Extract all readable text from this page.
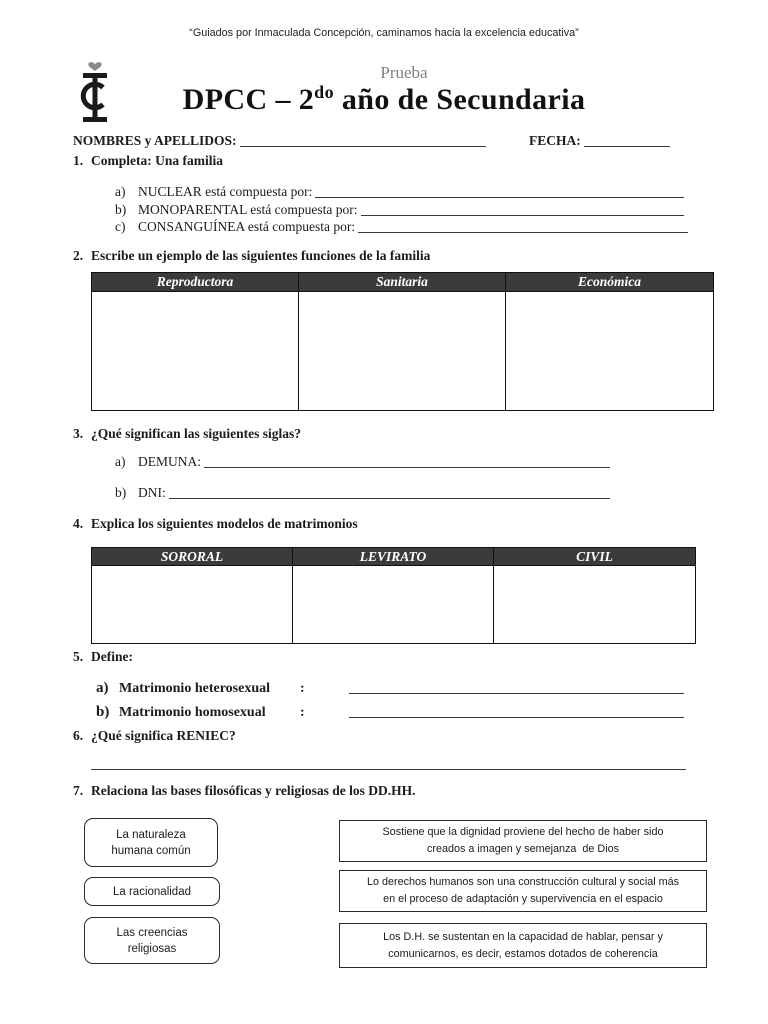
“Guiados por Inmaculada Concepción, caminamos hacia la excelencia educativa”
Prueba
DPCC – $2^{do}$ año de Secundaria
NOMBRES y APELLIDOS:	FECHA:
1. Completa: Una familia
a) NUCLEAR está compuesta por:
b) MONOPARENTAL está compuesta por:
c) CONSANGUÍNEA está compuesta por:
2. Escribe un ejemplo de las siguientes funciones de la familia
Reproductora	Sanitaria	Económica
3. ¿Qué significan las siguientes siglas?
a) DEMUNA:
b) DNI:
4. Explica los siguientes modelos de matrimonios
SORORAL	LEVIRATO	CIVIL
5. Define:
a) Matrimonio heterosexual	:
b) Matrimonio homosexual	:
6. ¿Qué significa RENIEC?
7. Relaciona las bases filosóficas y religiosas de los DD.HH.
La naturaleza
humana común
La racionalidad
Las creencias
religiosas
Sostiene que la dignidad proviene del hecho de haber sido
creados a imagen y semejanza  de Dios
Lo derechos humanos son una construcción cultural y social más
en el proceso de adaptación y supervivencia en el espacio
Los D.H. se sustentan en la capacidad de hablar, pensar y
comunicarnos, es decir, estamos dotados de coherencia
